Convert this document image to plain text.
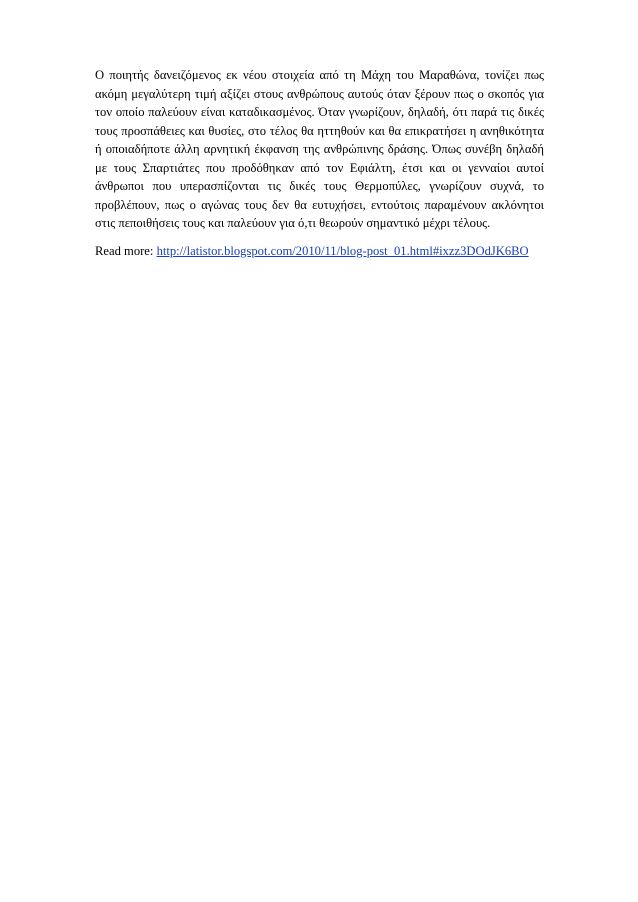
Ο ποιητής δανειζόμενος εκ νέου στοιχεία από τη Μάχη του Μαραθώνα, τονίζει πως ακόμη μεγαλύτερη τιμή αξίζει στους ανθρώπους αυτούς όταν ξέρουν πως ο σκοπός για τον οποίο παλεύουν είναι καταδικασμένος. Όταν γνωρίζουν, δηλαδή, ότι παρά τις δικές τους προσπάθειες και θυσίες, στο τέλος θα ηττηθούν και θα επικρατήσει η ανηθικότητα ή οποιαδήποτε άλλη αρνητική έκφανση της ανθρώπινης δράσης. Όπως συνέβη δηλαδή με τους Σπαρτιάτες που προδόθηκαν από τον Εφιάλτη, έτσι και οι γενναίοι αυτοί άνθρωποι που υπερασπίζονται τις δικές τους Θερμοπύλες, γνωρίζουν συχνά, το προβλέπουν, πως ο αγώνας τους δεν θα ευτυχήσει, εντούτοις παραμένουν ακλόνητοι στις πεποιθήσεις τους και παλεύουν για ό,τι θεωρούν σημαντικό μέχρι τέλους.

Read more: http://latistor.blogspot.com/2010/11/blog-post_01.html#ixzz3DOdJK6BO
